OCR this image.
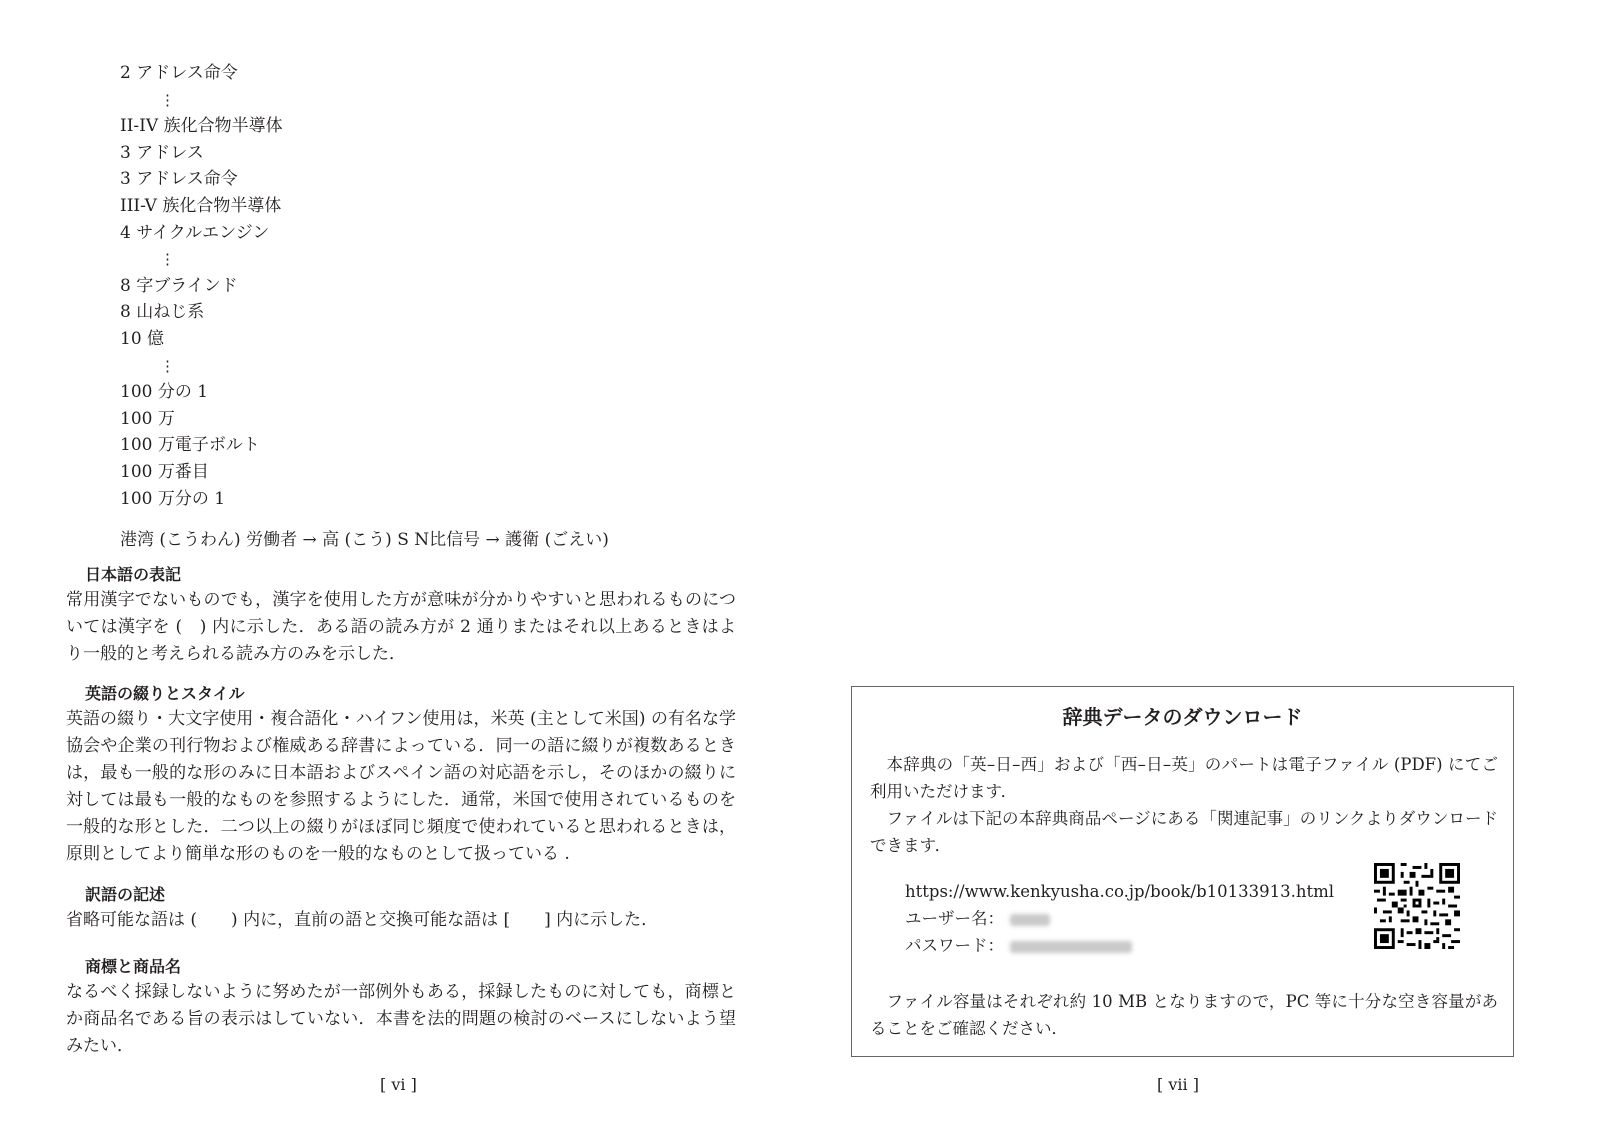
2 アドレス命令
⋮
II-IV 族化合物半導体
3 アドレス
3 アドレス命令
III-V 族化合物半導体
4 サイクルエンジン
⋮
8 字ブラインド
8 山ねじ系
10 億
⋮
100 分の 1
100 万
100 万電子ボルト
100 万番目
100 万分の 1
港湾 (こうわん) 労働者 → 高 (こう) S N比信号 → 護衛 (ごえい)
日本語の表記

常用漢字でないものでも，漢字を使用した方が意味が分かりやすいと思われるものについては漢字を (　) 内に示した．ある語の読み方が 2 通りまたはそれ以上あるときはより一般的と考えられる読み方のみを示した．

英語の綴りとスタイル

英語の綴り・大文字使用・複合語化・ハイフン使用は，米英 (主として米国) の有名な学協会や企業の刊行物および権威ある辞書によっている．同一の語に綴りが複数あるときは，最も一般的な形のみに日本語およびスペイン語の対応語を示し，そのほかの綴りに対しては最も一般的なものを参照するようにした．通常，米国で使用されているものを一般的な形とした．二つ以上の綴りがほぼ同じ頻度で使われていると思われるときは，原則としてより簡単な形のものを一般的なものとして扱っている .

訳語の記述

省略可能な語は (　　) 内に，直前の語と交換可能な語は [　　] 内に示した．

商標と商品名

なるべく採録しないように努めたが一部例外もある，採録したものに対しても，商標とか商品名である旨の表示はしていない．本書を法的問題の検討のベースにしないよう望みたい．

[ vi ]
辞典データのダウンロード

本辞典の「英–日–西」および「西–日–英」のパートは電子ファイル (PDF) にてご利用いただけます．

ファイルは下記の本辞典商品ページにある「関連記事」のリンクよりダウンロードできます．

https://www.kenkyusha.co.jp/book/b10133913.html
ユーザー名：
パスワード：

ファイル容量はそれぞれ約 10 MB となりますので，PC 等に十分な空き容量があることをご確認ください．

[ vii ]
